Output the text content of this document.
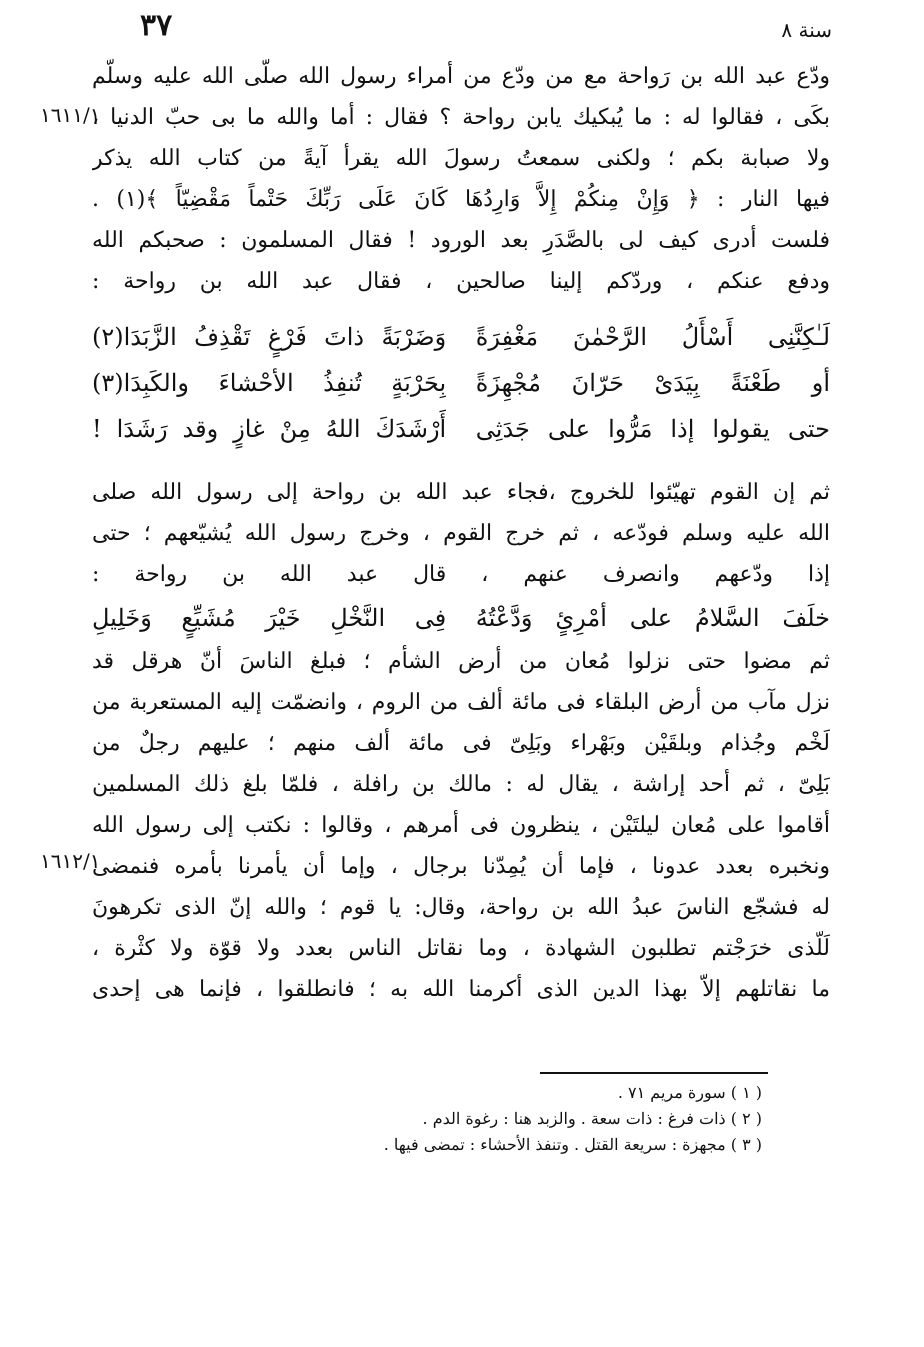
٣٧	سنة ٨
١٦١١/١
١٦١٢/١
ودّع عبد الله بن رَواحة مع من ودّع من أمراء رسول الله صلّى الله عليه وسلّم
بكَى ، فقالوا له : ما يُبكيك يابن رواحة ؟ فقال : أما والله ما بى حبّ الدنيا ،
ولا صبابة بكم ؛ ولكنى سمعتُ رسولَ الله يقرأ آيةً من كتاب الله يذكر
فيها النار : ﴿ وَإِنْ مِنكُمْ إِلاَّ وَارِدُهَا كَانَ عَلَى رَبِّكَ حَتْماً مَقْضِيّاً ﴾(١) .
فلست أدرى كيف لى بالصَّدَرِ بعد الورود ! فقال المسلمون : صحبكم الله
ودفع عنكم ، وردّكم إلينا صالحين ، فقال عبد الله بن رواحة :
لَـٰكِنَّنِى أَسْأَلُ الرَّحْمٰنَ مَغْفِرَةً
وَضَرْبَةً ذاتَ فَرْغٍ تَقْذِفُ الزَّبَدَا(٢)
أو طَعْنَةً بِيَدَىْ حَرّانَ مُجْهِزَةً
بِحَرْبَةٍ تُنفِذُ الأحْشاءَ والكَبِدَا(٣)
حتى يقولوا إذا مَرُّوا على جَدَثِى
أَرْشَدَكَ اللهُ مِنْ غازٍ وقد رَشَدَا !
ثم إن القوم تهيّئوا للخروج ،فجاء عبد الله بن رواحة إلى رسول الله صلى
الله عليه وسلم فودّعه ، ثم خرج القوم ، وخرج رسول الله يُشيّعهم ؛ حتى
إذا ودّعهم وانصرف عنهم ، قال عبد الله بن رواحة :
خلَفَ السَّلامُ على أمْرِئٍ وَدَّعْتُهُ
فِى النَّخْلِ خَيْرَ مُشَيِّعٍ وَخَلِيلِ
ثم مضوا حتى نزلوا مُعان من أرض الشأم ؛ فبلغ الناسَ أنّ هرقل قد
نزل مآب من أرض البلقاء فى مائة ألف من الروم ، وانضمّت إليه المستعربة من
لَخْم وجُذام وبلقَيْن وبَهْراء وبَلِىّ فى مائة ألف منهم ؛ عليهم رجلٌ من
بَلِىّ ، ثم أحد إراشة ، يقال له : مالك بن رافلة ، فلمّا بلغ ذلك المسلمين
أقاموا على مُعان ليلتَيْن ، ينظرون فى أمرهم ، وقالوا : نكتب إلى رسول الله
ونخبره بعدد عدونا ، فإما أن يُمِدّنا برجال ، وإما أن يأمرنا بأمره فنمضى
له فشجّع الناسَ عبدُ الله بن رواحة، وقال: يا قوم ؛ والله إنّ الذى تكرهونَ
لَلّذى خرَجْتم تطلبون الشهادة ، وما نقاتل الناس بعدد ولا قوّة ولا كثْرة ،
ما نقاتلهم إلاّ بهذا الدين الذى أكرمنا الله به ؛ فانطلقوا ، فإنما هى إحدى
( ١ ) سورة مريم ٧١ .
( ٢ ) ذات فرغ : ذات سعة . والزبد هنا : رغوة الدم .
( ٣ ) مجهزة : سريعة القتل . وتنفذ الأحشاء : تمضى فيها .
